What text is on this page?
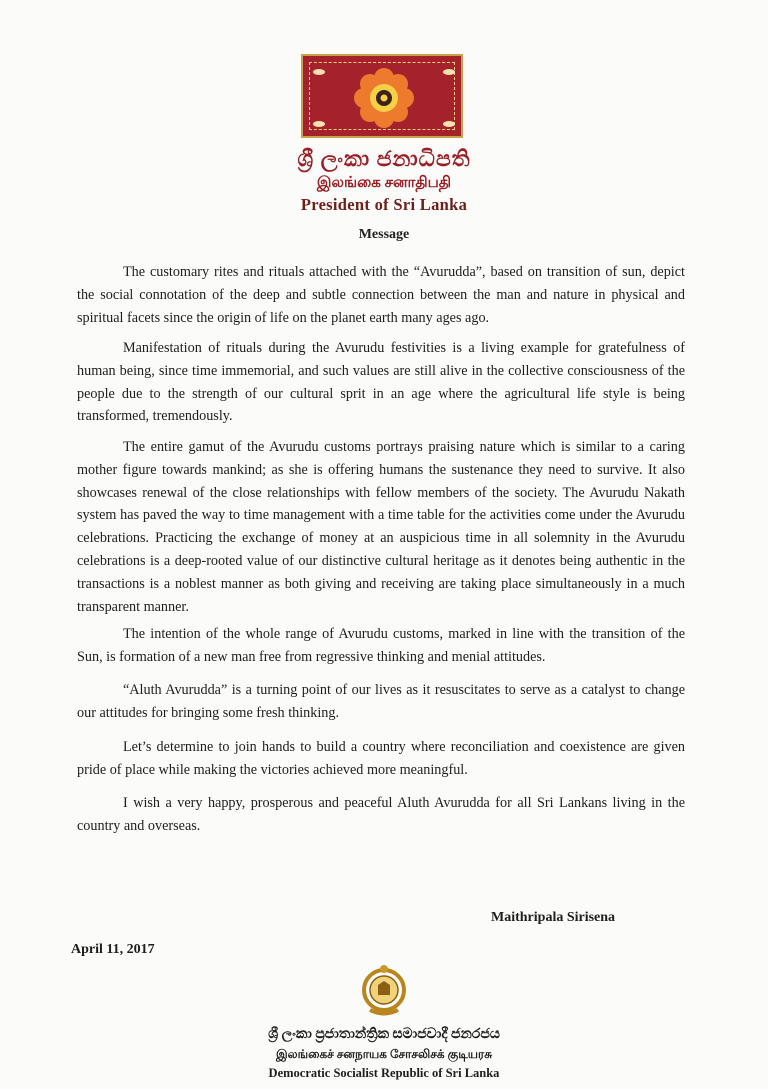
ශ්‍රී ලංකා ජනාධිපති
இலங்கை சனாதிபதி
President of Sri Lanka
Message

The customary rites and rituals attached with the “Avurudda”, based on transition of sun, depict the social connotation of the deep and subtle connection between the man and nature in physical and spiritual facets since the origin of life on the planet earth many ages ago.

Manifestation of rituals during the Avurudu festivities is a living example for gratefulness of human being, since time immemorial, and such values are still alive in the collective consciousness of the people due to the strength of our cultural sprit in an age where the agricultural life style is being transformed, tremendously.

The entire gamut of the Avurudu customs portrays praising nature which is similar to a caring mother figure towards mankind; as she is offering humans the sustenance they need to survive. It also showcases renewal of the close relationships with fellow members of the society. The Avurudu Nakath system has paved the way to time management with a time table for the activities come under the Avurudu celebrations. Practicing the exchange of money at an auspicious time in all solemnity in the Avurudu celebrations is a deep-rooted value of our distinctive cultural heritage as it denotes being authentic in the transactions is a noblest manner as both giving and receiving are taking place simultaneously in a much transparent manner.

The intention of the whole range of Avurudu customs, marked in line with the transition of the Sun, is formation of a new man free from regressive thinking and menial attitudes.

“Aluth Avurudda” is a turning point of our lives as it resuscitates to serve as a catalyst to change our attitudes for bringing some fresh thinking.

Let’s determine to join hands to build a country where reconciliation and coexistence are given pride of place while making the victories achieved more meaningful.

I wish a very happy, prosperous and peaceful Aluth Avurudda for all Sri Lankans living in the country and overseas.

Maithripala Sirisena
April 11, 2017
ශ්‍රී ලංකා ප්‍රජාතාන්ත්‍රික සමාජවාදී ජනරජය
இலங்கைச் சனநாயக சோசலிசக் குடியரசு
Democratic Socialist Republic of Sri Lanka
